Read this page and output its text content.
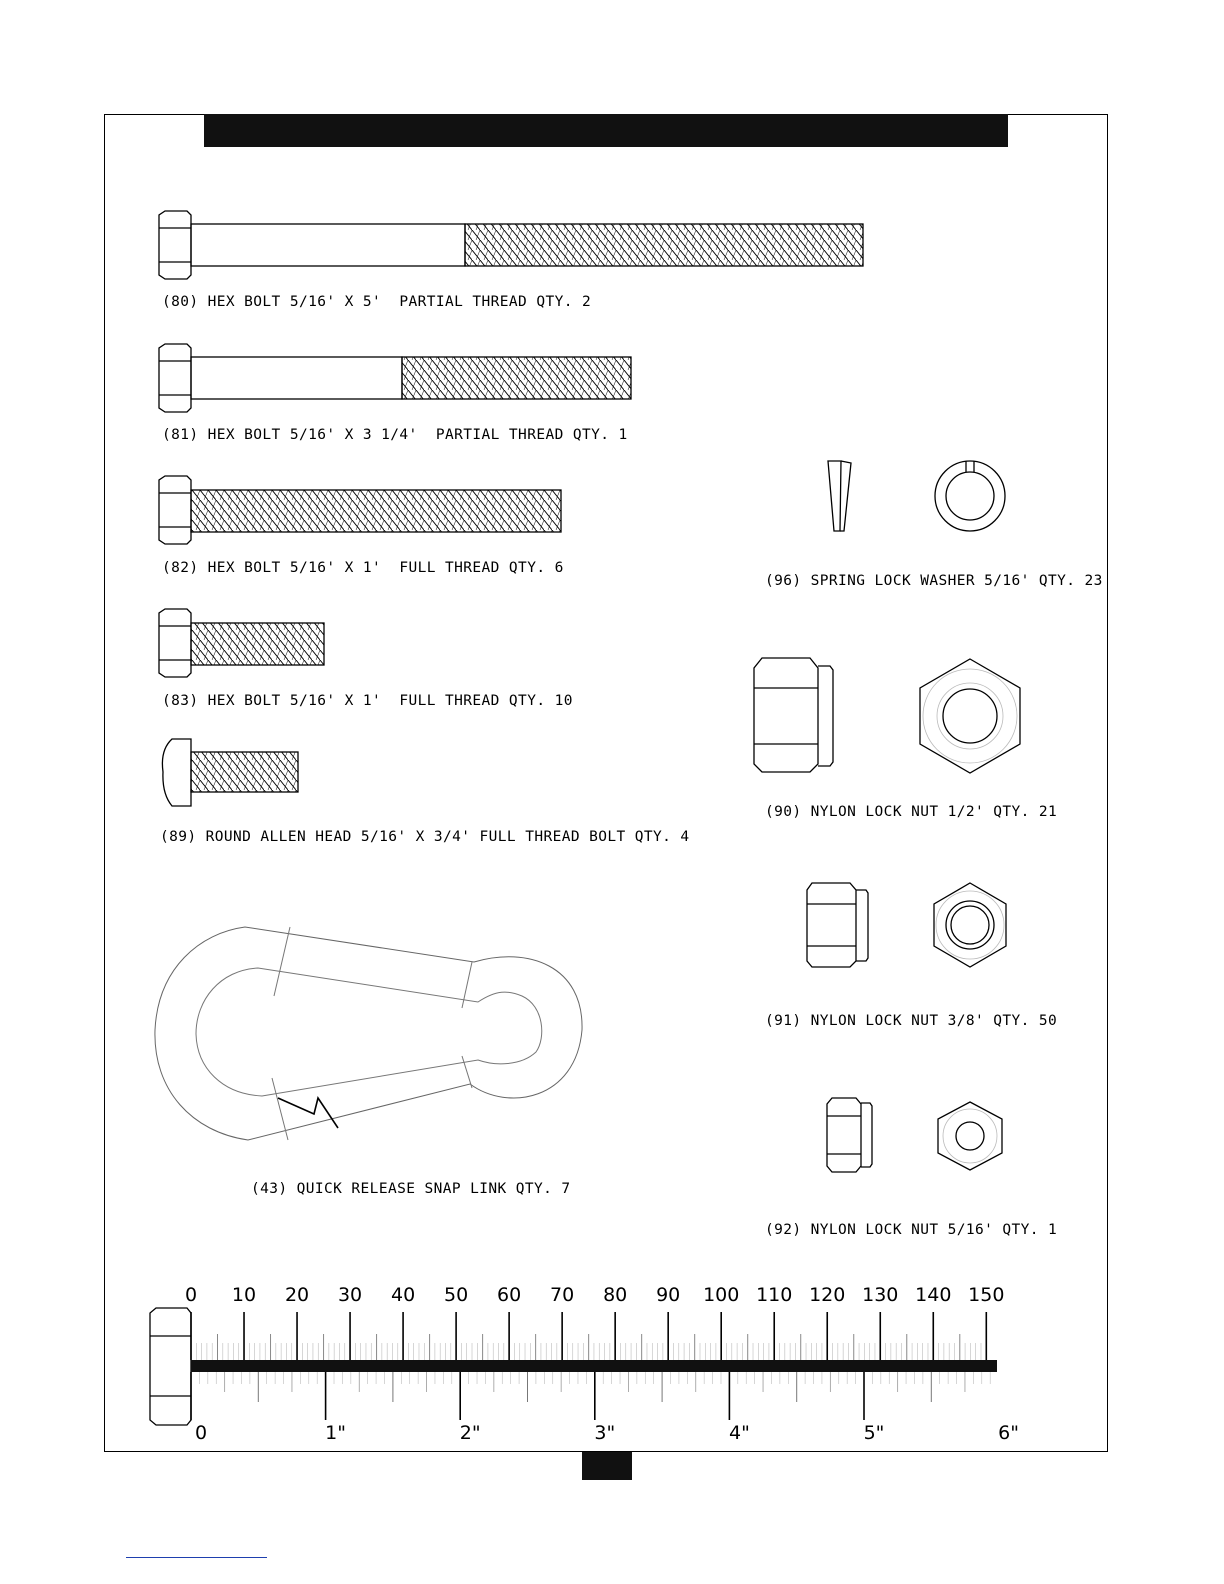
0 10 20 30 40 50 60 70 80 90 100 110 120 130 140 150
0	1"	2"	3"	4"	5"	6"
(80) HEX BOLT 5/16' X 5'  PARTIAL THREAD QTY. 2
(81) HEX BOLT 5/16' X 3 1/4'  PARTIAL THREAD QTY. 1
(82) HEX BOLT 5/16' X 1'  FULL THREAD QTY. 6
(83) HEX BOLT 5/16' X 1'  FULL THREAD QTY. 10
(89) ROUND ALLEN HEAD 5/16' X 3/4' FULL THREAD BOLT QTY. 4
(43) QUICK RELEASE SNAP LINK QTY. 7
(96) SPRING LOCK WASHER 5/16' QTY. 23
(90) NYLON LOCK NUT 1/2' QTY. 21
(91) NYLON LOCK NUT 3/8' QTY. 50
(92) NYLON LOCK NUT 5/16' QTY. 1
